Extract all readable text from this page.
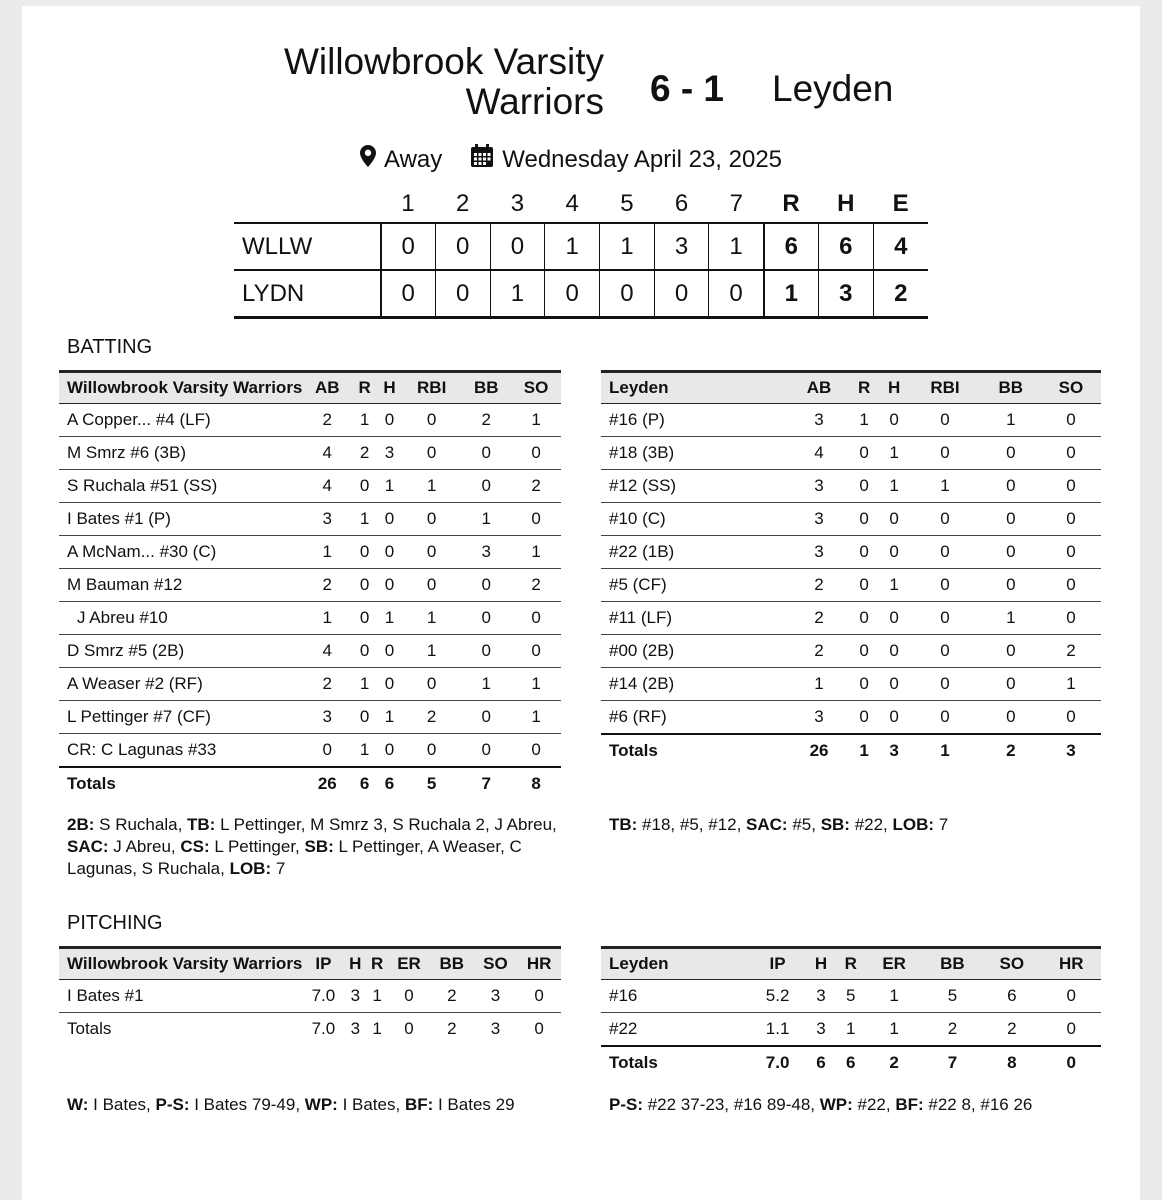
Willowbrook Varsity
Warriors	6 - 1	Leyden
Away	Wednesday April 23, 2025
	1	2	3	4	5	6	7	R	H	E
WLLW	0	0	0	1	1	3	1	6	6	4
LYDN	0	0	1	0	0	0	0	1	3	2
BATTING
Willowbrook Varsity Warriors	AB	R	H	RBI	BB	SO
A Copper... #4 (LF)	2	1	0	0	2	1
M Smrz #6 (3B)	4	2	3	0	0	0
S Ruchala #51 (SS)	4	0	1	1	0	2
I Bates #1 (P)	3	1	0	0	1	0
A McNam... #30 (C)	1	0	0	0	3	1
M Bauman #12	2	0	0	0	0	2
J Abreu #10	1	0	1	1	0	0
D Smrz #5 (2B)	4	0	0	1	0	0
A Weaser #2 (RF)	2	1	0	0	1	1
L Pettinger #7 (CF)	3	0	1	2	0	1
CR: C Lagunas #33	0	1	0	0	0	0
Totals	26	6	6	5	7	8
Leyden	AB	R	H	RBI	BB	SO
#16 (P)	3	1	0	0	1	0
#18 (3B)	4	0	1	0	0	0
#12 (SS)	3	0	1	1	0	0
#10 (C)	3	0	0	0	0	0
#22 (1B)	3	0	0	0	0	0
#5 (CF)	2	0	1	0	0	0
#11 (LF)	2	0	0	0	1	0
#00 (2B)	2	0	0	0	0	2
#14 (2B)	1	0	0	0	0	1
#6 (RF)	3	0	0	0	0	0
Totals	26	1	3	1	2	3
2B: S Ruchala, TB: L Pettinger, M Smrz 3, S Ruchala 2, J Abreu, SAC: J Abreu, CS: L Pettinger, SB: L Pettinger, A Weaser, C Lagunas, S Ruchala, LOB: 7
TB: #18, #5, #12, SAC: #5, SB: #22, LOB: 7
PITCHING
Willowbrook Varsity Warriors	IP	H	R	ER	BB	SO	HR
I Bates #1	7.0	3	1	0	2	3	0
Totals	7.0	3	1	0	2	3	0
Leyden	IP	H	R	ER	BB	SO	HR
#16	5.2	3	5	1	5	6	0
#22	1.1	3	1	1	2	2	0
Totals	7.0	6	6	2	7	8	0
W: I Bates, P-S: I Bates 79-49, WP: I Bates, BF: I Bates 29	P-S: #22 37-23, #16 89-48, WP: #22, BF: #22 8, #16 26
